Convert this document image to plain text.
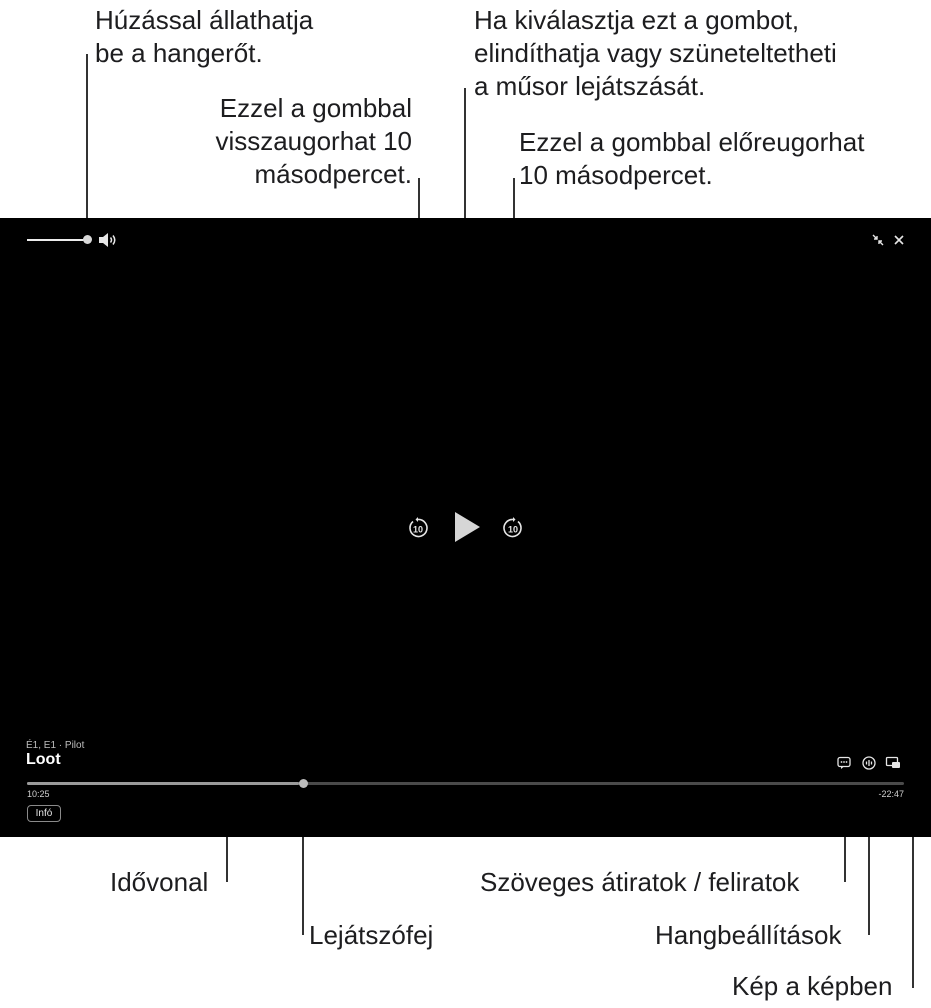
Húzással állathatja
be a hangerőt.
Ha kiválasztja ezt a gombot,
elindíthatja vagy szüneteltetheti
a műsor lejátszását.
Ezzel a gombbal
visszaugorhat 10
másodpercet.
Ezzel a gombbal előreugorhat
10 másodpercet.
Idővonal
Lejátszófej
Szöveges átiratok / feliratok
Hangbeállítások
Kép a képben
10	10
É1, E1 · Pilot
Loot
10:25	-22:47
Infó
